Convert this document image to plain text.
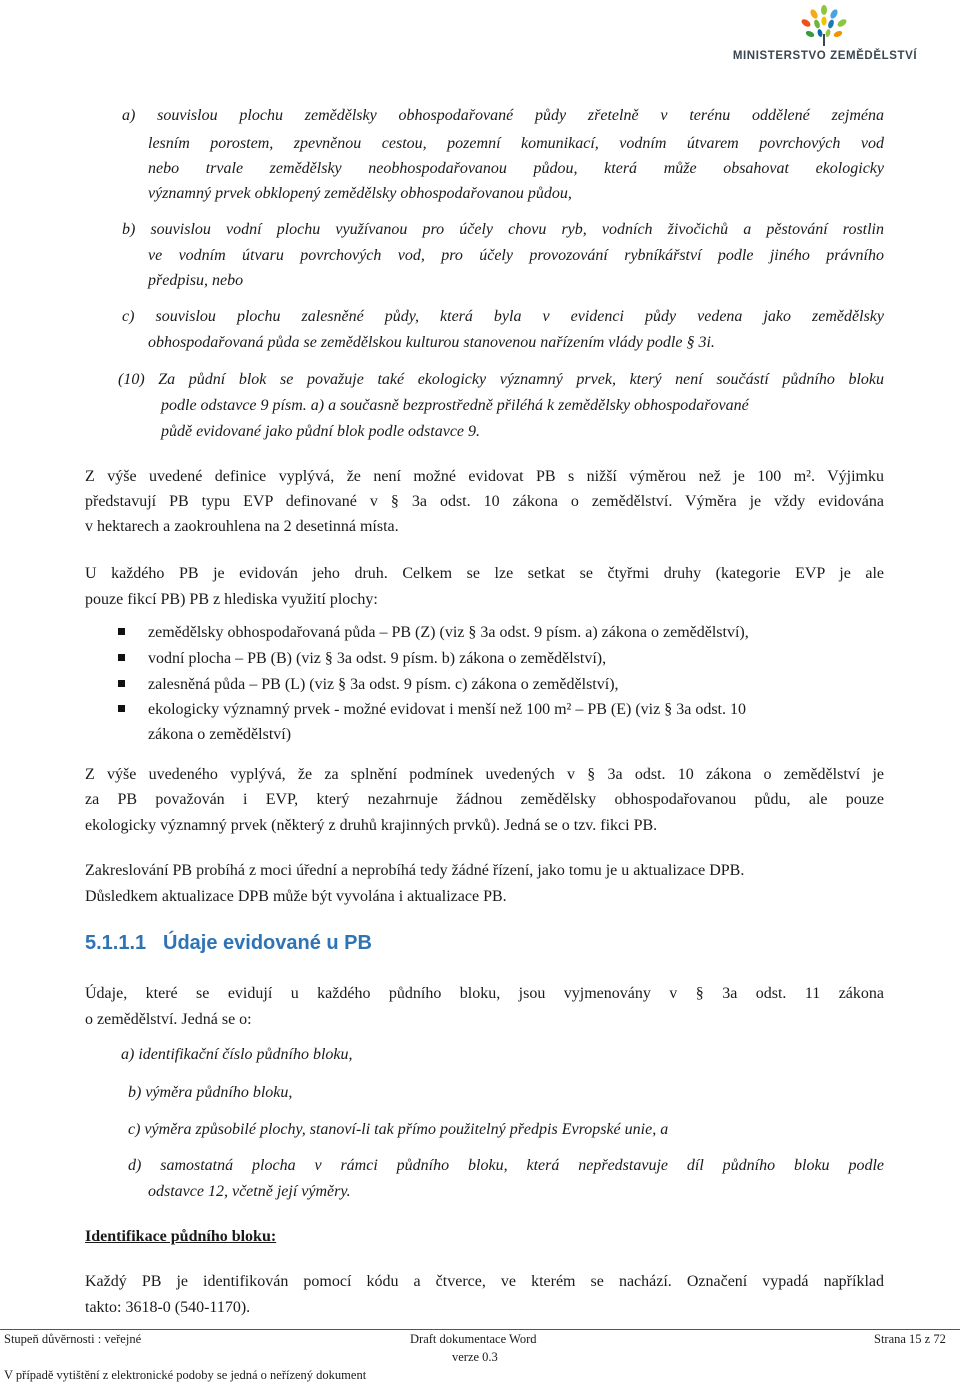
MINISTERSTVO ZEMĚDĚLSTVÍ
a) souvislou plochu zemědělsky obhospodařované půdy zřetelně v terénu oddělené zejména
lesním porostem, zpevněnou cestou, pozemní komunikací, vodním útvarem povrchových vod
nebo trvale zemědělsky neobhospodařovanou půdou, která může obsahovat ekologicky
významný prvek obklopený zemědělsky obhospodařovanou půdou,
b) souvislou vodní plochu využívanou pro účely chovu ryb, vodních živočichů a pěstování rostlin
ve vodním útvaru povrchových vod, pro účely provozování rybníkářství podle jiného právního
předpisu, nebo
c) souvislou plochu zalesněné půdy, která byla v evidenci půdy vedena jako zemědělsky
obhospodařovaná půda se zemědělskou kulturou stanovenou nařízením vlády podle § 3i.
(10) Za půdní blok se považuje také ekologicky významný prvek, který není součástí půdního bloku
podle odstavce 9 písm. a) a současně bezprostředně přiléhá k zemědělsky obhospodařované
půdě evidované jako půdní blok podle odstavce 9.
Z výše uvedené definice vyplývá, že není možné evidovat PB s nižší výměrou než je 100 m². Výjimku
představují PB typu EVP definované v § 3a odst. 10 zákona o zemědělství. Výměra je vždy evidována
v hektarech a zaokrouhlena na 2 desetinná místa.
U každého PB je evidován jeho druh. Celkem se lze setkat se čtyřmi druhy (kategorie EVP je ale
pouze fikcí PB) PB z hlediska využití plochy:
zemědělsky obhospodařovaná půda – PB (Z) (viz § 3a odst. 9 písm. a) zákona o zemědělství),
vodní plocha – PB (B) (viz § 3a odst. 9 písm. b) zákona o zemědělství),
zalesněná půda – PB (L) (viz § 3a odst. 9 písm. c) zákona o zemědělství),
ekologicky významný prvek - možné evidovat i menší než 100 m² – PB (E) (viz § 3a odst. 10
zákona o zemědělství)
Z výše uvedeného vyplývá, že za splnění podmínek uvedených v § 3a odst. 10 zákona o zemědělství je
za PB považován i EVP, který nezahrnuje žádnou zemědělsky obhospodařovanou půdu, ale pouze
ekologicky významný prvek (některý z druhů krajinných prvků). Jedná se o tzv. fikci PB.
Zakreslování PB probíhá z moci úřední a neprobíhá tedy žádné řízení, jako tomu je u aktualizace DPB.
Důsledkem aktualizace DPB může být vyvolána i aktualizace PB.
5.1.1.1 Údaje evidované u PB
Údaje, které se evidují u každého půdního bloku, jsou vyjmenovány v § 3a odst. 11 zákona
o zemědělství. Jedná se o:
a) identifikační číslo půdního bloku,
b) výměra půdního bloku,
c) výměra způsobilé plochy, stanoví-li tak přímo použitelný předpis Evropské unie, a
d) samostatná plocha v rámci půdního bloku, která nepředstavuje díl půdního bloku podle
odstavce 12, včetně její výměry.
Identifikace půdního bloku:
Každý PB je identifikován pomocí kódu a čtverce, ve kterém se nachází. Označení vypadá například
takto: 3618-0 (540-1170).
Stupeň důvěrnosti : veřejné	Draft dokumentace Word	Strana 15 z 72
verze 0.3
V případě vytištění z elektronické podoby se jedná o neřízený dokument
